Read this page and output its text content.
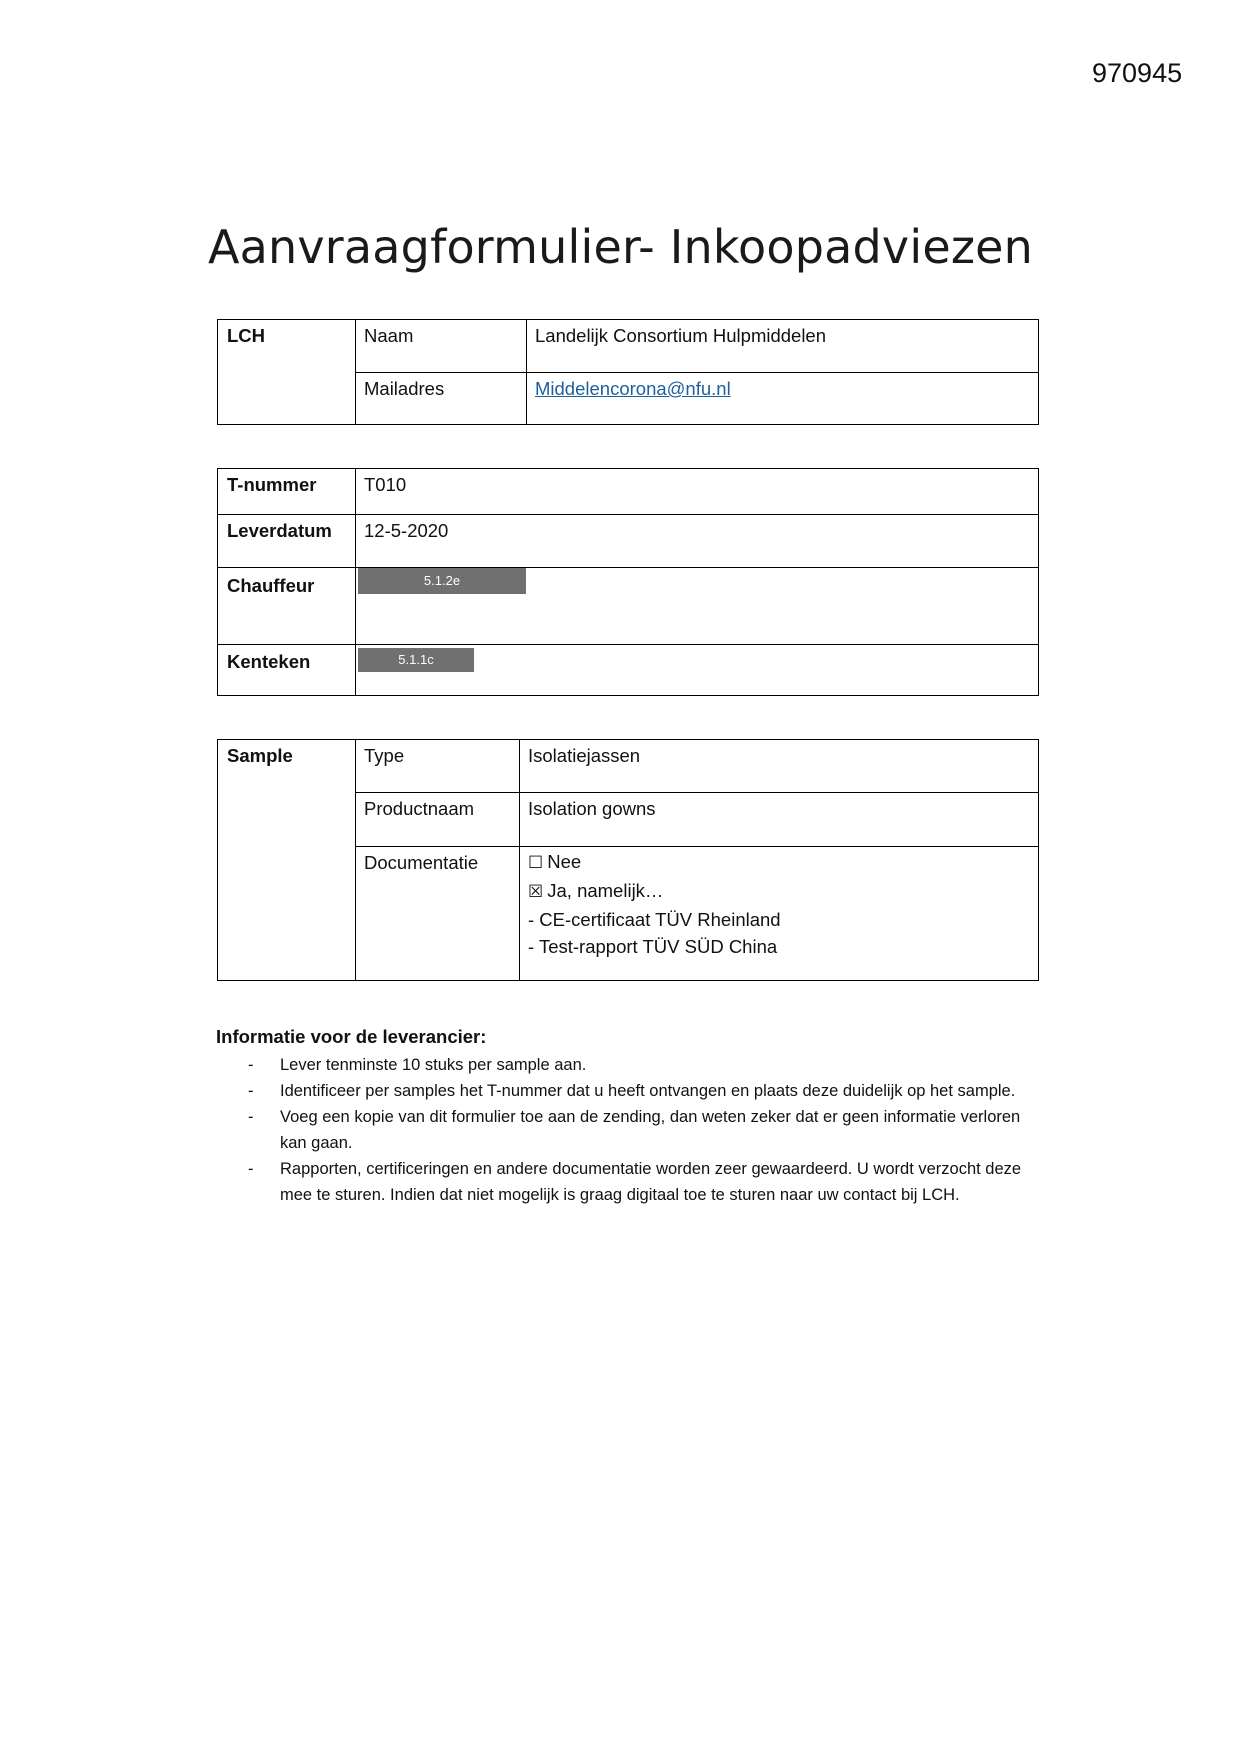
970945
Aanvraagformulier- Inkoopadviezen
LCH	Naam	Landelijk Consortium Hulpmiddelen
Mailadres	Middelencorona@nfu.nl
T-nummer	T010
Leverdatum	12-5-2020
Chauffeur	5.1.2e
Kenteken	5.1.1c
Sample	Type	Isolatiejassen
Productnaam	Isolation gowns
Documentatie	☐ Nee
☒ Ja, namelijk…
- CE-certificaat TÜV Rheinland
- Test-rapport TÜV SÜD China
Informatie voor de leverancier:
- Lever tenminste 10 stuks per sample aan.
- Identificeer per samples het T-nummer dat u heeft ontvangen en plaats deze duidelijk op het sample.
- Voeg een kopie van dit formulier toe aan de zending, dan weten zeker dat er geen informatie verloren kan gaan.
- Rapporten, certificeringen en andere documentatie worden zeer gewaardeerd. U wordt verzocht deze mee te sturen. Indien dat niet mogelijk is graag digitaal toe te sturen naar uw contact bij LCH.
